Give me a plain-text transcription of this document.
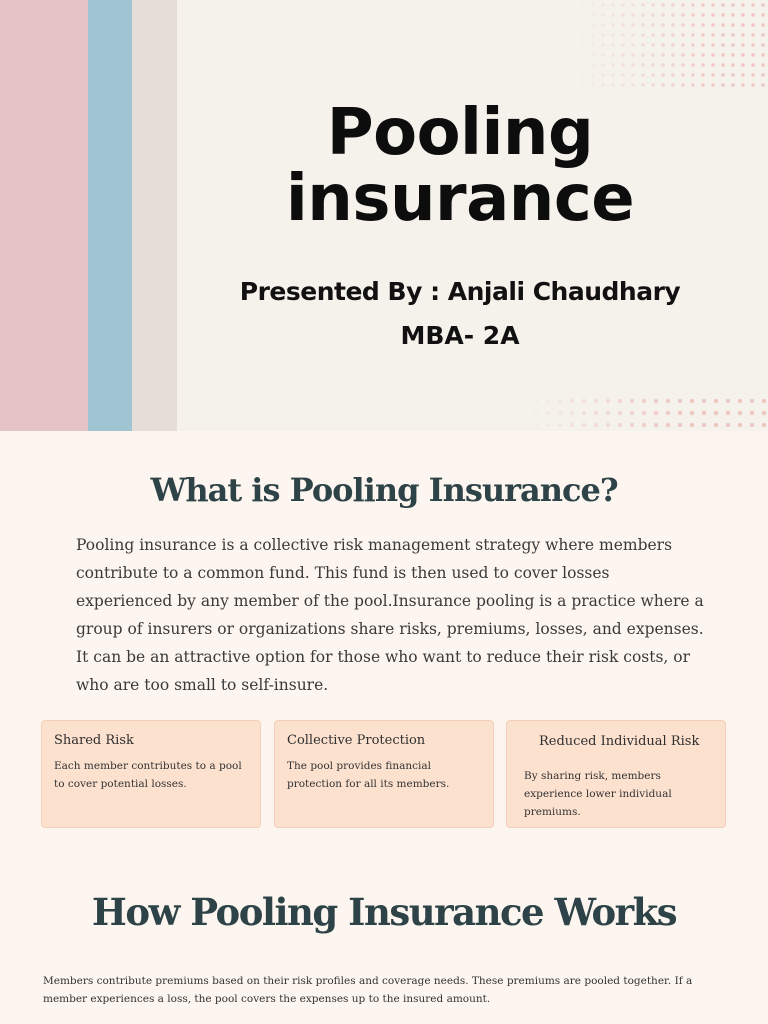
Pooling insurance
Presented By : Anjali Chaudhary
MBA- 2A
What is Pooling Insurance?

Pooling insurance is a collective risk management strategy where members contribute to a common fund. This fund is then used to cover losses experienced by any member of the pool.Insurance pooling is a practice where a group of insurers or organizations share risks, premiums, losses, and expenses. It can be an attractive option for those who want to reduce their risk costs, or who are too small to self-insure.

Shared Risk
Each member contributes to a pool to cover potential losses.
Collective Protection
The pool provides financial protection for all its members.
Reduced Individual Risk
By sharing risk, members experience lower individual premiums.
How Pooling Insurance Works

Members contribute premiums based on their risk profiles and coverage needs. These premiums are pooled together. If a member experiences a loss, the pool covers the expenses up to the insured amount.
